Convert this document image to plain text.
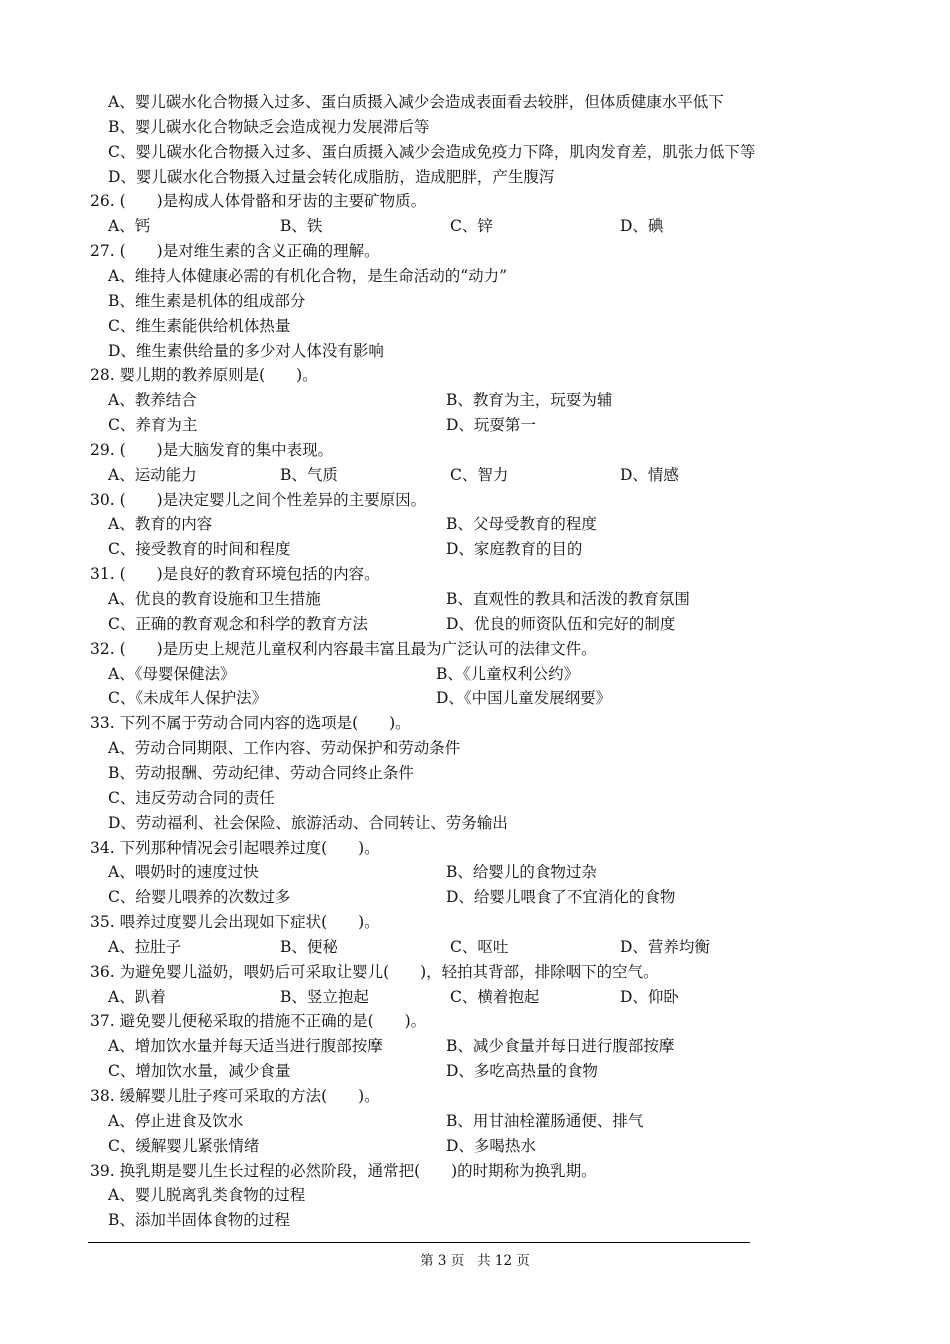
A、婴儿碳水化合物摄入过多、蛋白质摄入减少会造成表面看去较胖，但体质健康水平低下
B、婴儿碳水化合物缺乏会造成视力发展滞后等
C、婴儿碳水化合物摄入过多、蛋白质摄入减少会造成免疫力下降，肌肉发育差，肌张力低下等
D、婴儿碳水化合物摄入过量会转化成脂肪，造成肥胖，产生腹泻
26. (　　)是构成人体骨骼和牙齿的主要矿物质。
A、钙	B、铁	C、锌	D、碘
27. (　　)是对维生素的含义正确的理解。
A、维持人体健康必需的有机化合物，是生命活动的“动力”
B、维生素是机体的组成部分
C、维生素能供给机体热量
D、维生素供给量的多少对人体没有影响
28. 婴儿期的教养原则是(　　)。
A、教养结合	B、教育为主，玩耍为辅
C、养育为主	D、玩耍第一
29. (　　)是大脑发育的集中表现。
A、运动能力	B、气质	C、智力	D、情感
30. (　　)是决定婴儿之间个性差异的主要原因。
A、教育的内容	B、父母受教育的程度
C、接受教育的时间和程度	D、家庭教育的目的
31. (　　)是良好的教育环境包括的内容。
A、优良的教育设施和卫生措施	B、直观性的教具和活泼的教育氛围
C、正确的教育观念和科学的教育方法	D、优良的师资队伍和完好的制度
32. (　　)是历史上规范儿童权利内容最丰富且最为广泛认可的法律文件。
A、《母婴保健法》	B、《儿童权利公约》
C、《未成年人保护法》	D、《中国儿童发展纲要》
33. 下列不属于劳动合同内容的选项是(　　)。
A、劳动合同期限、工作内容、劳动保护和劳动条件
B、劳动报酬、劳动纪律、劳动合同终止条件
C、违反劳动合同的责任
D、劳动福利、社会保险、旅游活动、合同转让、劳务输出
34. 下列那种情况会引起喂养过度(　　)。
A、喂奶时的速度过快	B、给婴儿的食物过杂
C、给婴儿喂养的次数过多	D、给婴儿喂食了不宜消化的食物
35. 喂养过度婴儿会出现如下症状(　　)。
A、拉肚子	B、便秘	C、呕吐	D、营养均衡
36. 为避免婴儿溢奶，喂奶后可采取让婴儿(　　)，轻拍其背部，排除咽下的空气。
A、趴着	B、竖立抱起	C、横着抱起	D、仰卧
37. 避免婴儿便秘采取的措施不正确的是(　　)。
A、增加饮水量并每天适当进行腹部按摩	B、减少食量并每日进行腹部按摩
C、增加饮水量，减少食量	D、多吃高热量的食物
38. 缓解婴儿肚子疼可采取的方法(　　)。
A、停止进食及饮水	B、用甘油栓灌肠通便、排气
C、缓解婴儿紧张情绪	D、多喝热水
39. 换乳期是婴儿生长过程的必然阶段，通常把(　　)的时期称为换乳期。
A、婴儿脱离乳类食物的过程
B、添加半固体食物的过程
第 3 页 共 12 页
